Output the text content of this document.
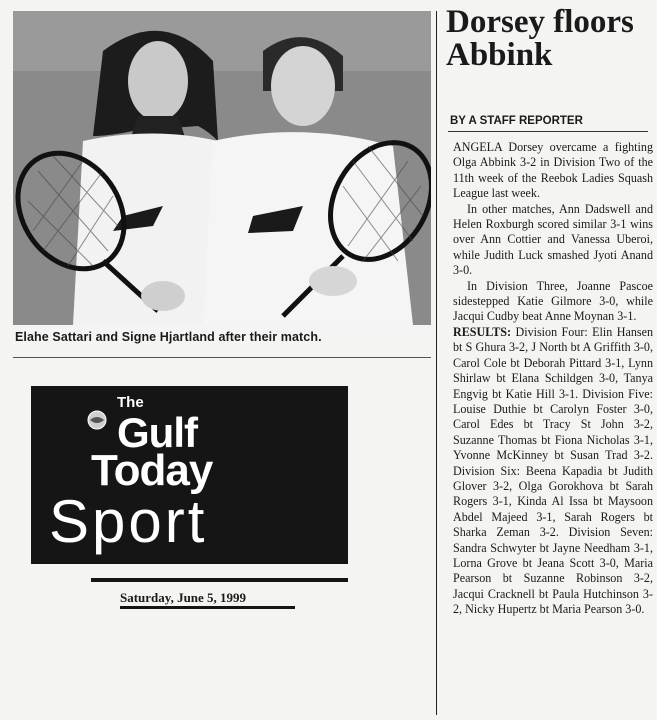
Elahe Sattari and Signe Hjartland after their match.
The
Gulf
Today
Sport
Saturday, June 5, 1999
Dorsey floors Abbink
BY A STAFF REPORTER

ANGELA Dorsey overcame a fighting Olga Abbink 3-2 in Division Two of the 11th week of the Reebok Ladies Squash League last week.

In other matches, Ann Dadswell and Helen Roxburgh scored similar 3-1 wins over Ann Cottier and Vanessa Uberoi, while Judith Luck smashed Jyoti Anand 3-0.

In Division Three, Joanne Pascoe sidestepped Katie Gilmore 3-0, while Jacqui Cudby beat Anne Moynan 3-1.

RESULTS: Division Four: Elin Hansen bt S Ghura 3-2, J North bt A Griffith 3-0, Carol Cole bt Deborah Pittard 3-1, Lynn Shirlaw bt Elana Schildgen 3-0, Tanya Engvig bt Katie Hill 3-1. Division Five: Louise Duthie bt Carolyn Foster 3-0, Carol Edes bt Tracy St John 3-2, Suzanne Thomas bt Fiona Nicholas 3-1, Yvonne McKinney bt Susan Trad 3-2. Division Six: Beena Kapadia bt Judith Glover 3-2, Olga Gorokhova bt Sarah Rogers 3-1, Kinda Al Issa bt Maysoon Abdel Majeed 3-1, Sarah Rogers bt Sharka Zeman 3-2. Division Seven: Sandra Schwyter bt Jayne Needham 3-1, Lorna Grove bt Jeana Scott 3-0, Maria Pearson bt Suzanne Robinson 3-2, Jacqui Cracknell bt Paula Hutchinson 3-2, Nicky Hupertz bt Maria Pearson 3-0.
